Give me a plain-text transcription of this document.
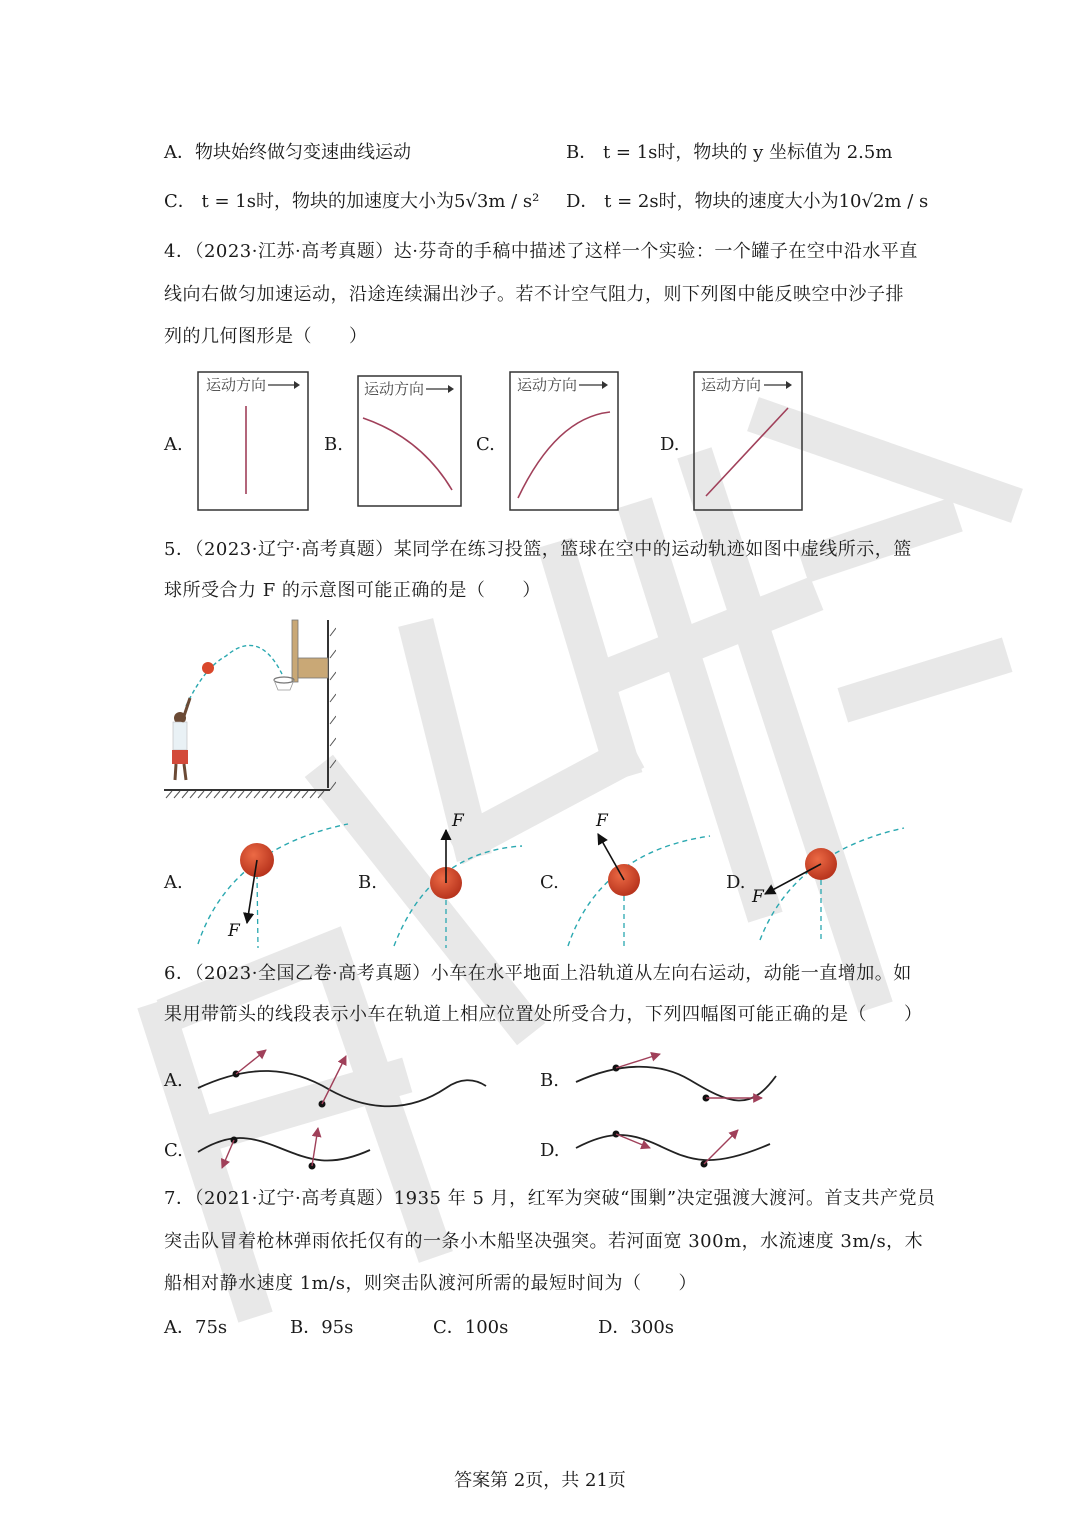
A．物块始终做匀变速曲线运动	B． t = 1s时，物块的 y 坐标值为 2.5m
C． t = 1s时，物块的加速度大小为5√3m / s² D． t = 2s时，物块的速度大小为10√2m / s
4．（2023·江苏·高考真题）达·芬奇的手稿中描述了这样一个实验：一个罐子在空中沿水平直
线向右做匀加速运动，沿途连续漏出沙子。若不计空气阻力，则下列图中能反映空中沙子排
列的几何图形是（　　）
A.	B.	C.	D.
运动方向	运动方向	运动方向	运动方向
5．（2023·辽宁·高考真题）某同学在练习投篮，篮球在空中的运动轨迹如图中虚线所示，篮
球所受合力 F 的示意图可能正确的是（　　）
A.	B.	C.	D.
F
F	F
F
6．（2023·全国乙卷·高考真题）小车在水平地面上沿轨道从左向右运动，动能一直增加。如
果用带箭头的线段表示小车在轨道上相应位置处所受合力，下列四幅图可能正确的是（　　）
A.	B.
C.	D.
7．（2021·辽宁·高考真题）1935 年 5 月，红军为突破“围剿”决定强渡大渡河。首支共产党员
突击队冒着枪林弹雨依托仅有的一条小木船坚决强突。若河面宽 300m，水流速度 3m/s，木
船相对静水速度 1m/s，则突击队渡河所需的最短时间为（　　）
A．75s	B．95s	C．100s	D．300s
答案第 2页，共 21页
